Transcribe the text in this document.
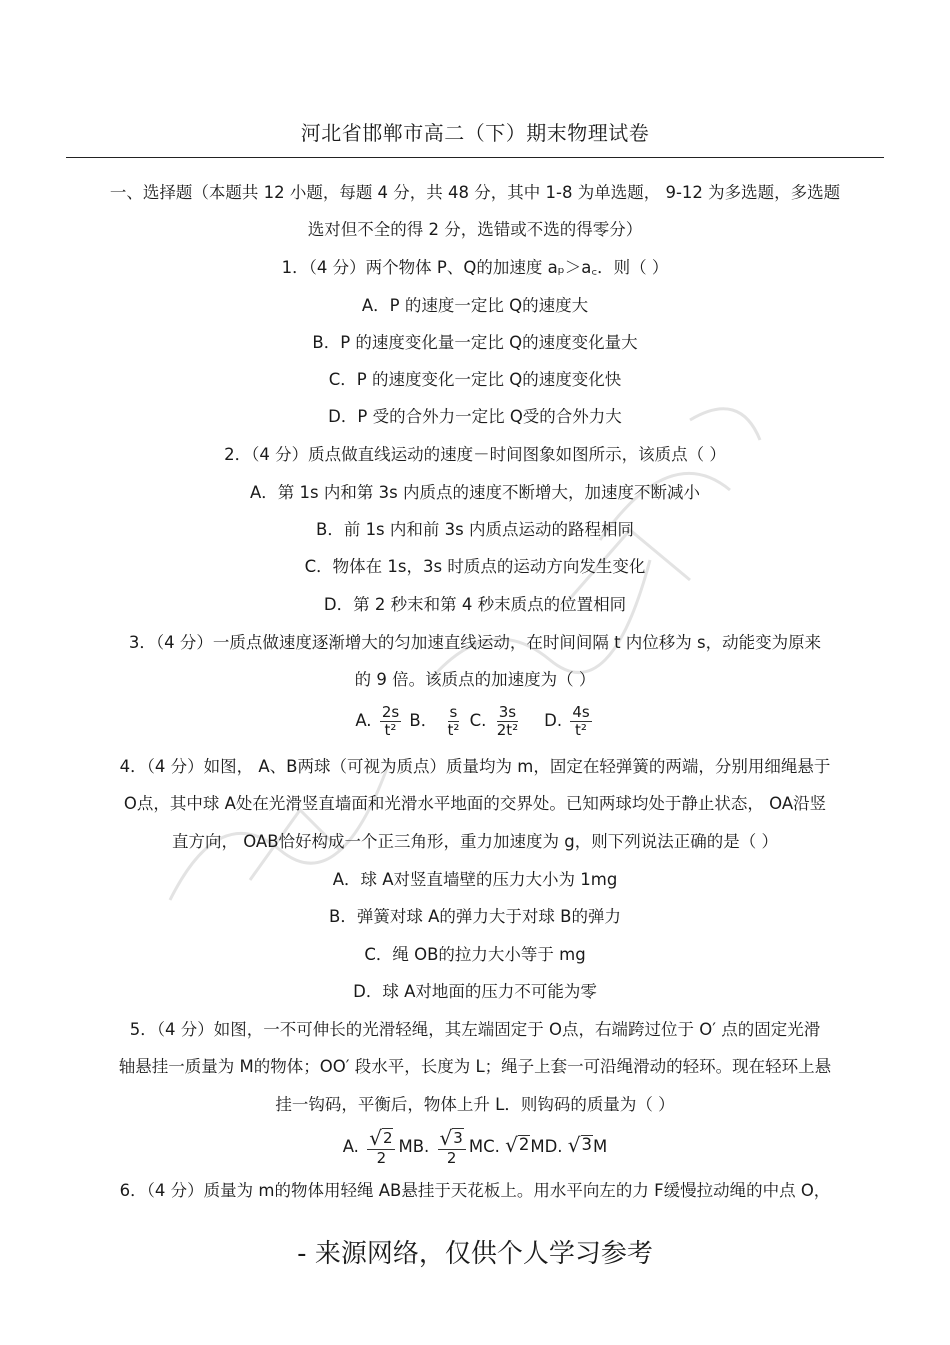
河北省邯郸市高二（下）期末物理试卷
一、选择题（本题共 12 小题，每题 4 分，共 48 分，其中 1-8 为单选题， 9-12 为多选题，多选题
选对但不全的得 2 分，选错或不选的得零分）
1．（4 分）两个物体 P、Q的加速度 aₚ＞a꜀．则（ ）
A．P 的速度一定比 Q的速度大
B．P 的速度变化量一定比 Q的速度变化量大
C．P 的速度变化一定比 Q的速度变化快
D．P 受的合外力一定比 Q受的合外力大
2．（4 分）质点做直线运动的速度－时间图象如图所示，该质点（ ）
A．第 1s 内和第 3s 内质点的速度不断增大，加速度不断减小
B．前 1s 内和前 3s 内质点运动的路程相同
C．物体在 1s，3s 时质点的运动方向发生变化
D．第 2 秒末和第 4 秒末质点的位置相同
3．（4 分）一质点做速度逐渐增大的匀加速直线运动，在时间间隔 t 内位移为 s，动能变为原来
的 9 倍。该质点的加速度为（ ）
A. $\frac{2s}{\text{t²}}$ B． $\frac{s}{\text{t²}} C$. $\frac{3s}{\text{2t²}} D$. $\frac{4s}{\text{t²}}$
4．（4 分）如图， A、B两球（可视为质点）质量均为 m，固定在轻弹簧的两端，分别用细绳悬于
O点，其中球 A处在光滑竖直墙面和光滑水平地面的交界处。已知两球均处于静止状态， OA沿竖
直方向， OAB恰好构成一个正三角形，重力加速度为 g，则下列说法正确的是（ ）
A．球 A对竖直墙壁的压力大小为 1mg
B．弹簧对球 A的弹力大于对球 B的弹力
C．绳 OB的拉力大小等于 mg
D．球 A对地面的压力不可能为零
5．（4 分）如图，一不可伸长的光滑轻绳，其左端固定于 O点，右端跨过位于 O′ 点的固定光滑
轴悬挂一质量为 M的物体；OO′ 段水平，长度为 L；绳子上套一可沿绳滑动的轻环。现在轻环上悬
挂一钩码，平衡后，物体上升 L．则钩码的质量为（ ）
A. $\frac{√ 2}{2}$ MB. $\frac{√ 3}{2}$ MC. √ 2 MD. √ 3 M
6．（4 分）质量为 m的物体用轻绳 AB悬挂于天花板上。用水平向左的力 F缓慢拉动绳的中点 O，
- 来源网络，仅供个人学习参考
